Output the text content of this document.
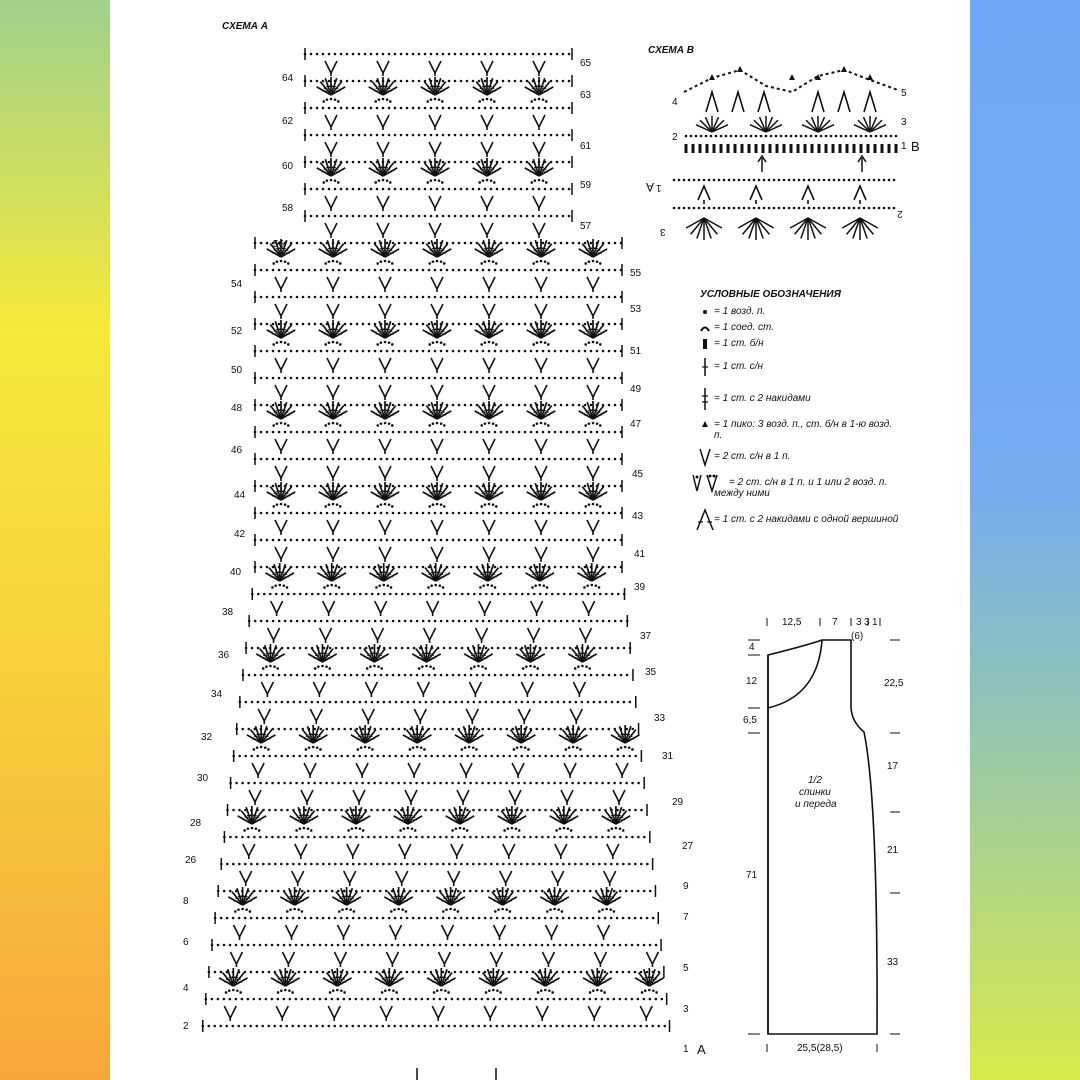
СХЕМА А
64
62
60
58
56
54
52
50
48
46
44
42
40
38
36
34
32
30
28
26
8
6
4
2
65
63
61
59
57
55
53
51
49
47
45
43
41
39
37
35
33
31
29
27
9
7
5
3
1 A
СХЕМА В
5
3
1 В
4
2
2
1
A
3
УСЛОВНЫЕ ОБОЗНАЧЕНИЯ
= 1 возд. п.
= 1 соед. ст.
= 1 ст. б/н
= 1 ст. с/н
= 1 ст. с 2 накидами
= 1 пико: 3 возд. п., ст. б/н в 1-ю возд.
п.
= 2 ст. с/н в 1 п.
= 2 ст. с/н в 1 п. и 1 или 2 возд. п.
между ними
= 1 ст. с 2 накидами с одной вершиной
12,5	7 3 3 1
(6)
4
12
6,5
71
22,5
17
21
33
1/2
спинки
и переда
25,5(28,5)
